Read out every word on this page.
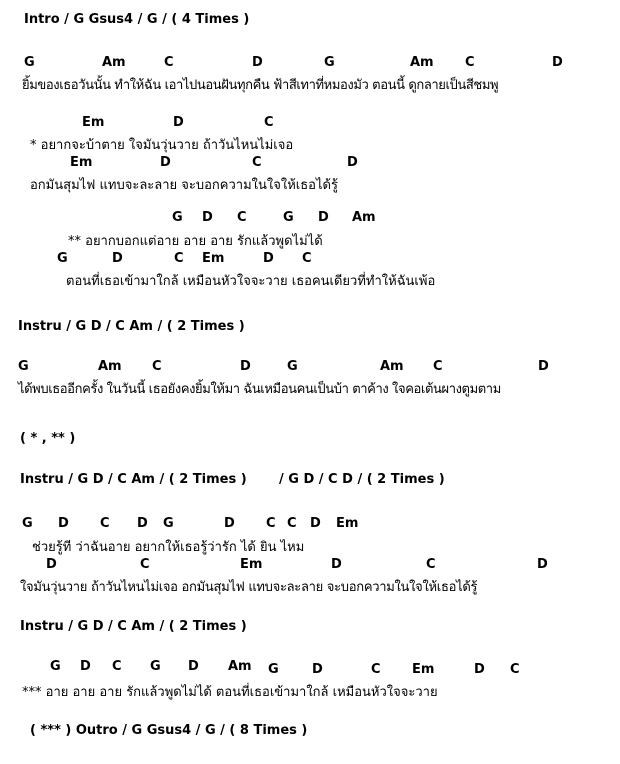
Intro / G Gsus4 / G / ( 4 Times )
G	Am	C	D	G	Am C	D
ยิ้มของเธอวันนั้น ทำให้ฉัน เอาไปนอนฝันทุกคืน ฟ้าสีเทาที่หมองมัว ตอนนี้ ดูกลายเป็นสีชมพู
Em	D	C
* อยากจะบ้าตาย ใจมันวุ่นวาย ถ้าวันไหนไม่เจอ
Em	D	C	D
อกมันสุมไฟ แทบจะละลาย จะบอกความในใจให้เธอได้รู้
G D C	G D Am
** อยากบอกแต่อาย อาย อาย รักแล้วพูดไม่ได้
G	D	C Em	D C
ตอนที่เธอเข้ามาใกล้ เหมือนหัวใจจะวาย เธอคนเดียวที่ทำให้ฉันเพ้อ
Instru / G D / C Am / ( 2 Times )
G	Am C	D	G	Am C	D
ได้พบเธออีกครั้ง ในวันนี้ เธอยังคงยิ้มให้มา ฉันเหมือนคนเป็นบ้า ตาค้าง ใจคอเต้นผางตูมตาม
( * , ** )
Instru / G D / C Am / ( 2 Times ) / G D / C D / ( 2 Times )
G D C D G	D C C D Em
ช่วยรู้ที ว่าฉันอาย อยากให้เธอรู้ว่ารัก ได้ ยิน ไหม
D	C	Em	D	C	D
ใจมันวุ่นวาย ถ้าวันไหนไม่เจอ อกมันสุมไฟ แทบจะละลาย จะบอกความในใจให้เธอได้รู้
Instru / G D / C Am / ( 2 Times )
G D C G D Am G	D	C Em	D C
*** อาย อาย อาย รักแล้วพูดไม่ได้ ตอนที่เธอเข้ามาใกล้ เหมือนหัวใจจะวาย
( *** ) Outro / G Gsus4 / G / ( 8 Times )
